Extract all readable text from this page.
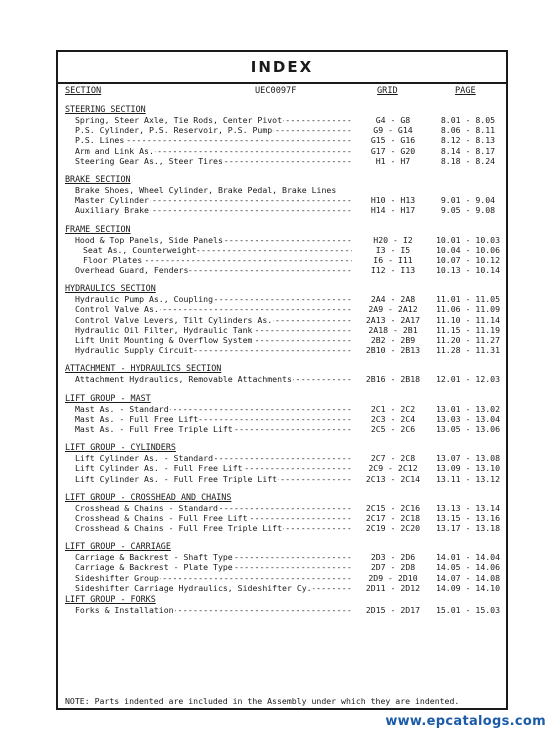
INDEX
SECTION	UEC0097F	GRID	PAGE
STEERING SECTION
Spring, Steer Axle, Tie Rods, Center Pivot -----	G4 - G8	8.01 - 8.05
P.S. Cylinder, P.S. Reservoir, P.S. Pump -----	G9 - G14	8.06 - 8.11
P.S. Lines -----	G15 - G16	8.12 - 8.13
Arm and Link As. -----	G17 - G20	8.14 - 8.17
Steering Gear As., Steer Tires -----	H1 - H7	8.18 - 8.24
BRAKE SECTION
Brake Shoes, Wheel Cylinder, Brake Pedal, Brake Lines
Master Cylinder -----	H10 - H13	9.01 - 9.04
Auxiliary Brake -----	H14 - H17	9.05 - 9.08
FRAME SECTION
Hood & Top Panels, Side Panels -----	H20 - I2	10.01 - 10.03
Seat As., Counterweight -----	I3 - I5	10.04 - 10.06
Floor Plates -----	I6 - I11	10.07 - 10.12
Overhead Guard, Fenders -----	I12 - I13	10.13 - 10.14
HYDRAULICS SECTION
Hydraulic Pump As., Coupling -----	2A4 - 2A8	11.01 - 11.05
Control Valve As. -----	2A9 - 2A12	11.06 - 11.09
Control Valve Levers, Tilt Cylinders As. -----	2A13 - 2A17	11.10 - 11.14
Hydraulic Oil Filter, Hydraulic Tank -----	2A18 - 2B1	11.15 - 11.19
Lift Unit Mounting & Overflow System -----	2B2 - 2B9	11.20 - 11.27
Hydraulic Supply Circuit -----	2B10 - 2B13	11.28 - 11.31
ATTACHMENT - HYDRAULICS SECTION
Attachment Hydraulics, Removable Attachments -----	2B16 - 2B18	12.01 - 12.03
LIFT GROUP - MAST
Mast As. - Standard -----	2C1 - 2C2	13.01 - 13.02
Mast As. - Full Free Lift -----	2C3 - 2C4	13.03 - 13.04
Mast As. - Full Free Triple Lift -----	2C5 - 2C6	13.05 - 13.06
LIFT GROUP - CYLINDERS
Lift Cylinder As. - Standard -----	2C7 - 2C8	13.07 - 13.08
Lift Cylinder As. - Full Free Lift -----	2C9 - 2C12	13.09 - 13.10
Lift Cylinder As. - Full Free Triple Lift -----	2C13 - 2C14	13.11 - 13.12
LIFT GROUP - CROSSHEAD AND CHAINS
Crosshead & Chains - Standard -----	2C15 - 2C16	13.13 - 13.14
Crosshead & Chains - Full Free Lift -----	2C17 - 2C18	13.15 - 13.16
Crosshead & Chains - Full Free Triple Lift -----	2C19 - 2C20	13.17 - 13.18
LIFT GROUP - CARRIAGE
Carriage & Backrest - Shaft Type -----	2D3 - 2D6	14.01 - 14.04
Carriage & Backrest - Plate Type -----	2D7 - 2D8	14.05 - 14.06
Sideshifter Group -----	2D9 - 2D10	14.07 - 14.08
Sideshifter Carriage Hydraulics, Sideshifter Cy. -----	2D11 - 2D12	14.09 - 14.10
LIFT GROUP - FORKS
Forks & Installation -----	2D15 - 2D17	15.01 - 15.03
NOTE: Parts indented are included in the Assembly under which they are indented.
www.epcatalogs.com
